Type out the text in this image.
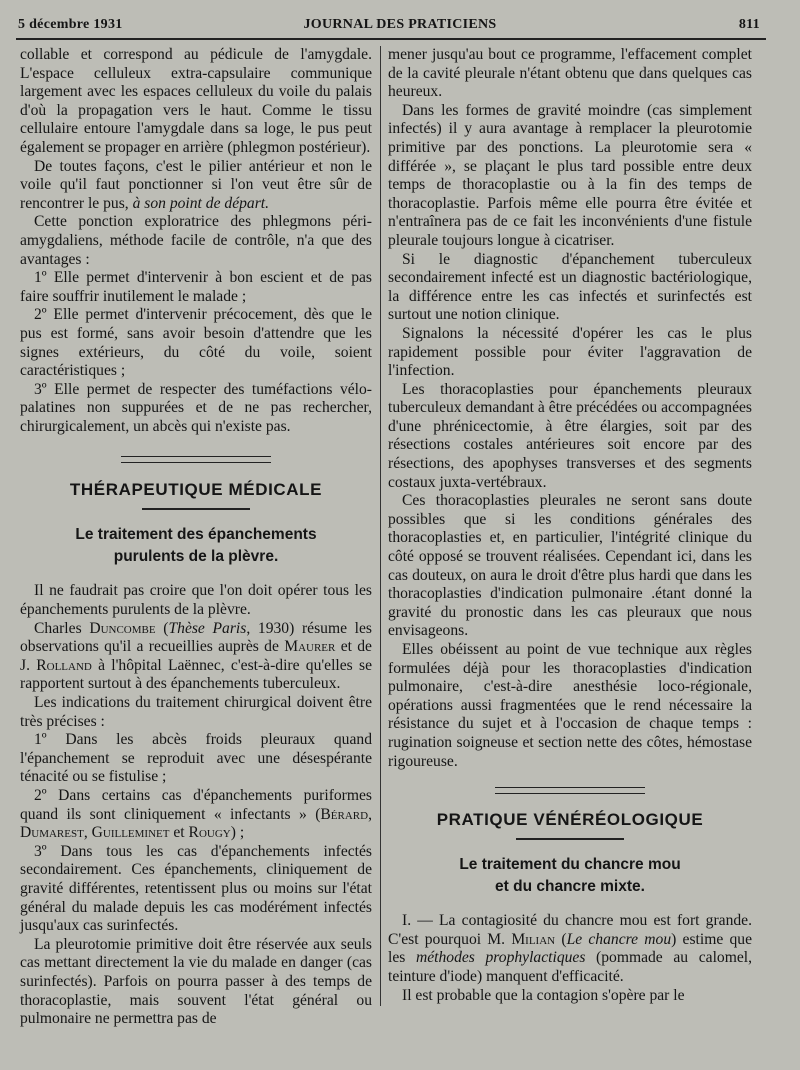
5 décembre 1931	JOURNAL DES PRATICIENS	811

collable et correspond au pédicule de l'amygdale. L'espace celluleux extra-capsulaire communique largement avec les espaces celluleux du voile du palais d'où la propagation vers le haut. Comme le tissu cellulaire entoure l'amygdale dans sa loge, le pus peut également se propager en arrière (phlegmon postérieur).

De toutes façons, c'est le pilier antérieur et non le voile qu'il faut ponctionner si l'on veut être sûr de rencontrer le pus, à son point de départ.

Cette ponction exploratrice des phlegmons péri-amygdaliens, méthode facile de contrôle, n'a que des avantages :

1º Elle permet d'intervenir à bon escient et de pas faire souffrir inutilement le malade ;

2º Elle permet d'intervenir précocement, dès que le pus est formé, sans avoir besoin d'attendre que les signes extérieurs, du côté du voile, soient caractéristiques ;

3º Elle permet de respecter des tuméfactions vélo-palatines non suppurées et de ne pas rechercher, chirurgicalement, un abcès qui n'existe pas.

THÉRAPEUTIQUE MÉDICALE
Le traitement des épanchements
purulents de la plèvre.

Il ne faudrait pas croire que l'on doit opérer tous les épanchements purulents de la plèvre.

Charles Duncombe (Thèse Paris, 1930) résume les observations qu'il a recueillies auprès de Maurer et de J. Rolland à l'hôpital Laënnec, c'est-à-dire qu'elles se rapportent surtout à des épanchements tuberculeux.

Les indications du traitement chirurgical doivent être très précises :

1º Dans les abcès froids pleuraux quand l'épanchement se reproduit avec une désespérante ténacité ou se fistulise ;

2º Dans certains cas d'épanchements puriformes quand ils sont cliniquement « infectants » (Bérard, Dumarest, Guilleminet et Rougy) ;

3º Dans tous les cas d'épanchements infectés secondairement. Ces épanchements, cliniquement de gravité différentes, retentissent plus ou moins sur l'état général du malade depuis les cas modérément infectés jusqu'aux cas surinfectés.

La pleurotomie primitive doit être réservée aux seuls cas mettant directement la vie du malade en danger (cas surinfectés). Parfois on pourra passer à des temps de thoracoplastie, mais souvent l'état général ou pulmonaire ne permettra pas de

mener jusqu'au bout ce programme, l'effacement complet de la cavité pleurale n'étant obtenu que dans quelques cas heureux.

Dans les formes de gravité moindre (cas simplement infectés) il y aura avantage à remplacer la pleurotomie primitive par des ponctions. La pleurotomie sera « différée », se plaçant le plus tard possible entre deux temps de thoracoplastie ou à la fin des temps de thoracoplastie. Parfois même elle pourra être évitée et n'entraînera pas de ce fait les inconvénients d'une fistule pleurale toujours longue à cicatriser.

Si le diagnostic d'épanchement tuberculeux secondairement infecté est un diagnostic bactériologique, la différence entre les cas infectés et surinfectés est surtout une notion clinique.

Signalons la nécessité d'opérer les cas le plus rapidement possible pour éviter l'aggravation de l'infection.

Les thoracoplasties pour épanchements pleuraux tuberculeux demandant à être précédées ou accompagnées d'une phrénicectomie, à être élargies, soit par des résections costales antérieures soit encore par des résections, des apophyses transverses et des segments costaux juxta-vertébraux.

Ces thoracoplasties pleurales ne seront sans doute possibles que si les conditions générales des thoracoplasties et, en particulier, l'intégrité clinique du côté opposé se trouvent réalisées. Cependant ici, dans les cas douteux, on aura le droit d'être plus hardi que dans les thoracoplasties d'indication pulmonaire .étant donné la gravité du pronostic dans les cas pleuraux que nous envisageons.

Elles obéissent au point de vue technique aux règles formulées déjà pour les thoracoplasties d'indication pulmonaire, c'est-à-dire anesthésie loco-régionale, opérations aussi fragmentées que le rend nécessaire la résistance du sujet et à l'occasion de chaque temps : rugination soigneuse et section nette des côtes, hémostase rigoureuse.

PRATIQUE VÉNÉRÉOLOGIQUE
Le traitement du chancre mou
et du chancre mixte.

I. — La contagiosité du chancre mou est fort grande. C'est pourquoi M. Milian (Le chancre mou) estime que les méthodes prophylactiques (pommade au calomel, teinture d'iode) manquent d'efficacité.

Il est probable que la contagion s'opère par le
